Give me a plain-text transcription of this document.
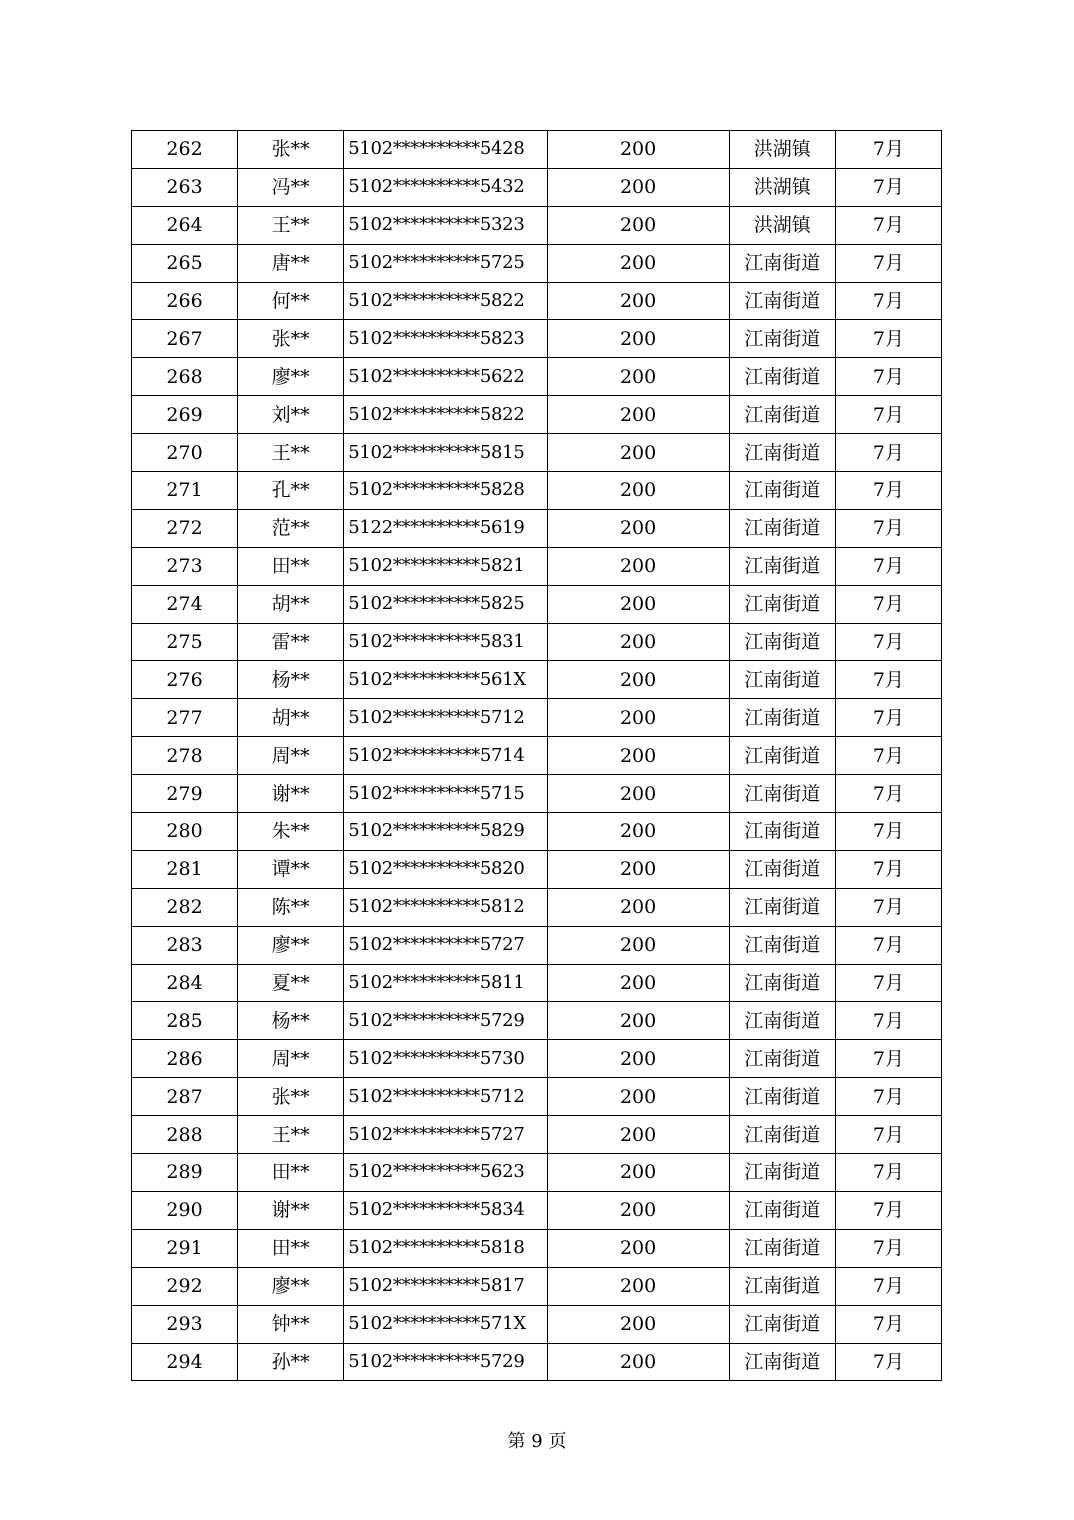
262	张**	5102**********5428	200	洪湖镇	7月
263	冯**	5102**********5432	200	洪湖镇	7月
264	王**	5102**********5323	200	洪湖镇	7月
265	唐**	5102**********5725	200	江南街道	7月
266	何**	5102**********5822	200	江南街道	7月
267	张**	5102**********5823	200	江南街道	7月
268	廖**	5102**********5622	200	江南街道	7月
269	刘**	5102**********5822	200	江南街道	7月
270	王**	5102**********5815	200	江南街道	7月
271	孔**	5102**********5828	200	江南街道	7月
272	范**	5122**********5619	200	江南街道	7月
273	田**	5102**********5821	200	江南街道	7月
274	胡**	5102**********5825	200	江南街道	7月
275	雷**	5102**********5831	200	江南街道	7月
276	杨**	5102**********561X	200	江南街道	7月
277	胡**	5102**********5712	200	江南街道	7月
278	周**	5102**********5714	200	江南街道	7月
279	谢**	5102**********5715	200	江南街道	7月
280	朱**	5102**********5829	200	江南街道	7月
281	谭**	5102**********5820	200	江南街道	7月
282	陈**	5102**********5812	200	江南街道	7月
283	廖**	5102**********5727	200	江南街道	7月
284	夏**	5102**********5811	200	江南街道	7月
285	杨**	5102**********5729	200	江南街道	7月
286	周**	5102**********5730	200	江南街道	7月
287	张**	5102**********5712	200	江南街道	7月
288	王**	5102**********5727	200	江南街道	7月
289	田**	5102**********5623	200	江南街道	7月
290	谢**	5102**********5834	200	江南街道	7月
291	田**	5102**********5818	200	江南街道	7月
292	廖**	5102**********5817	200	江南街道	7月
293	钟**	5102**********571X	200	江南街道	7月
294	孙**	5102**********5729	200	江南街道	7月
第 9 页
